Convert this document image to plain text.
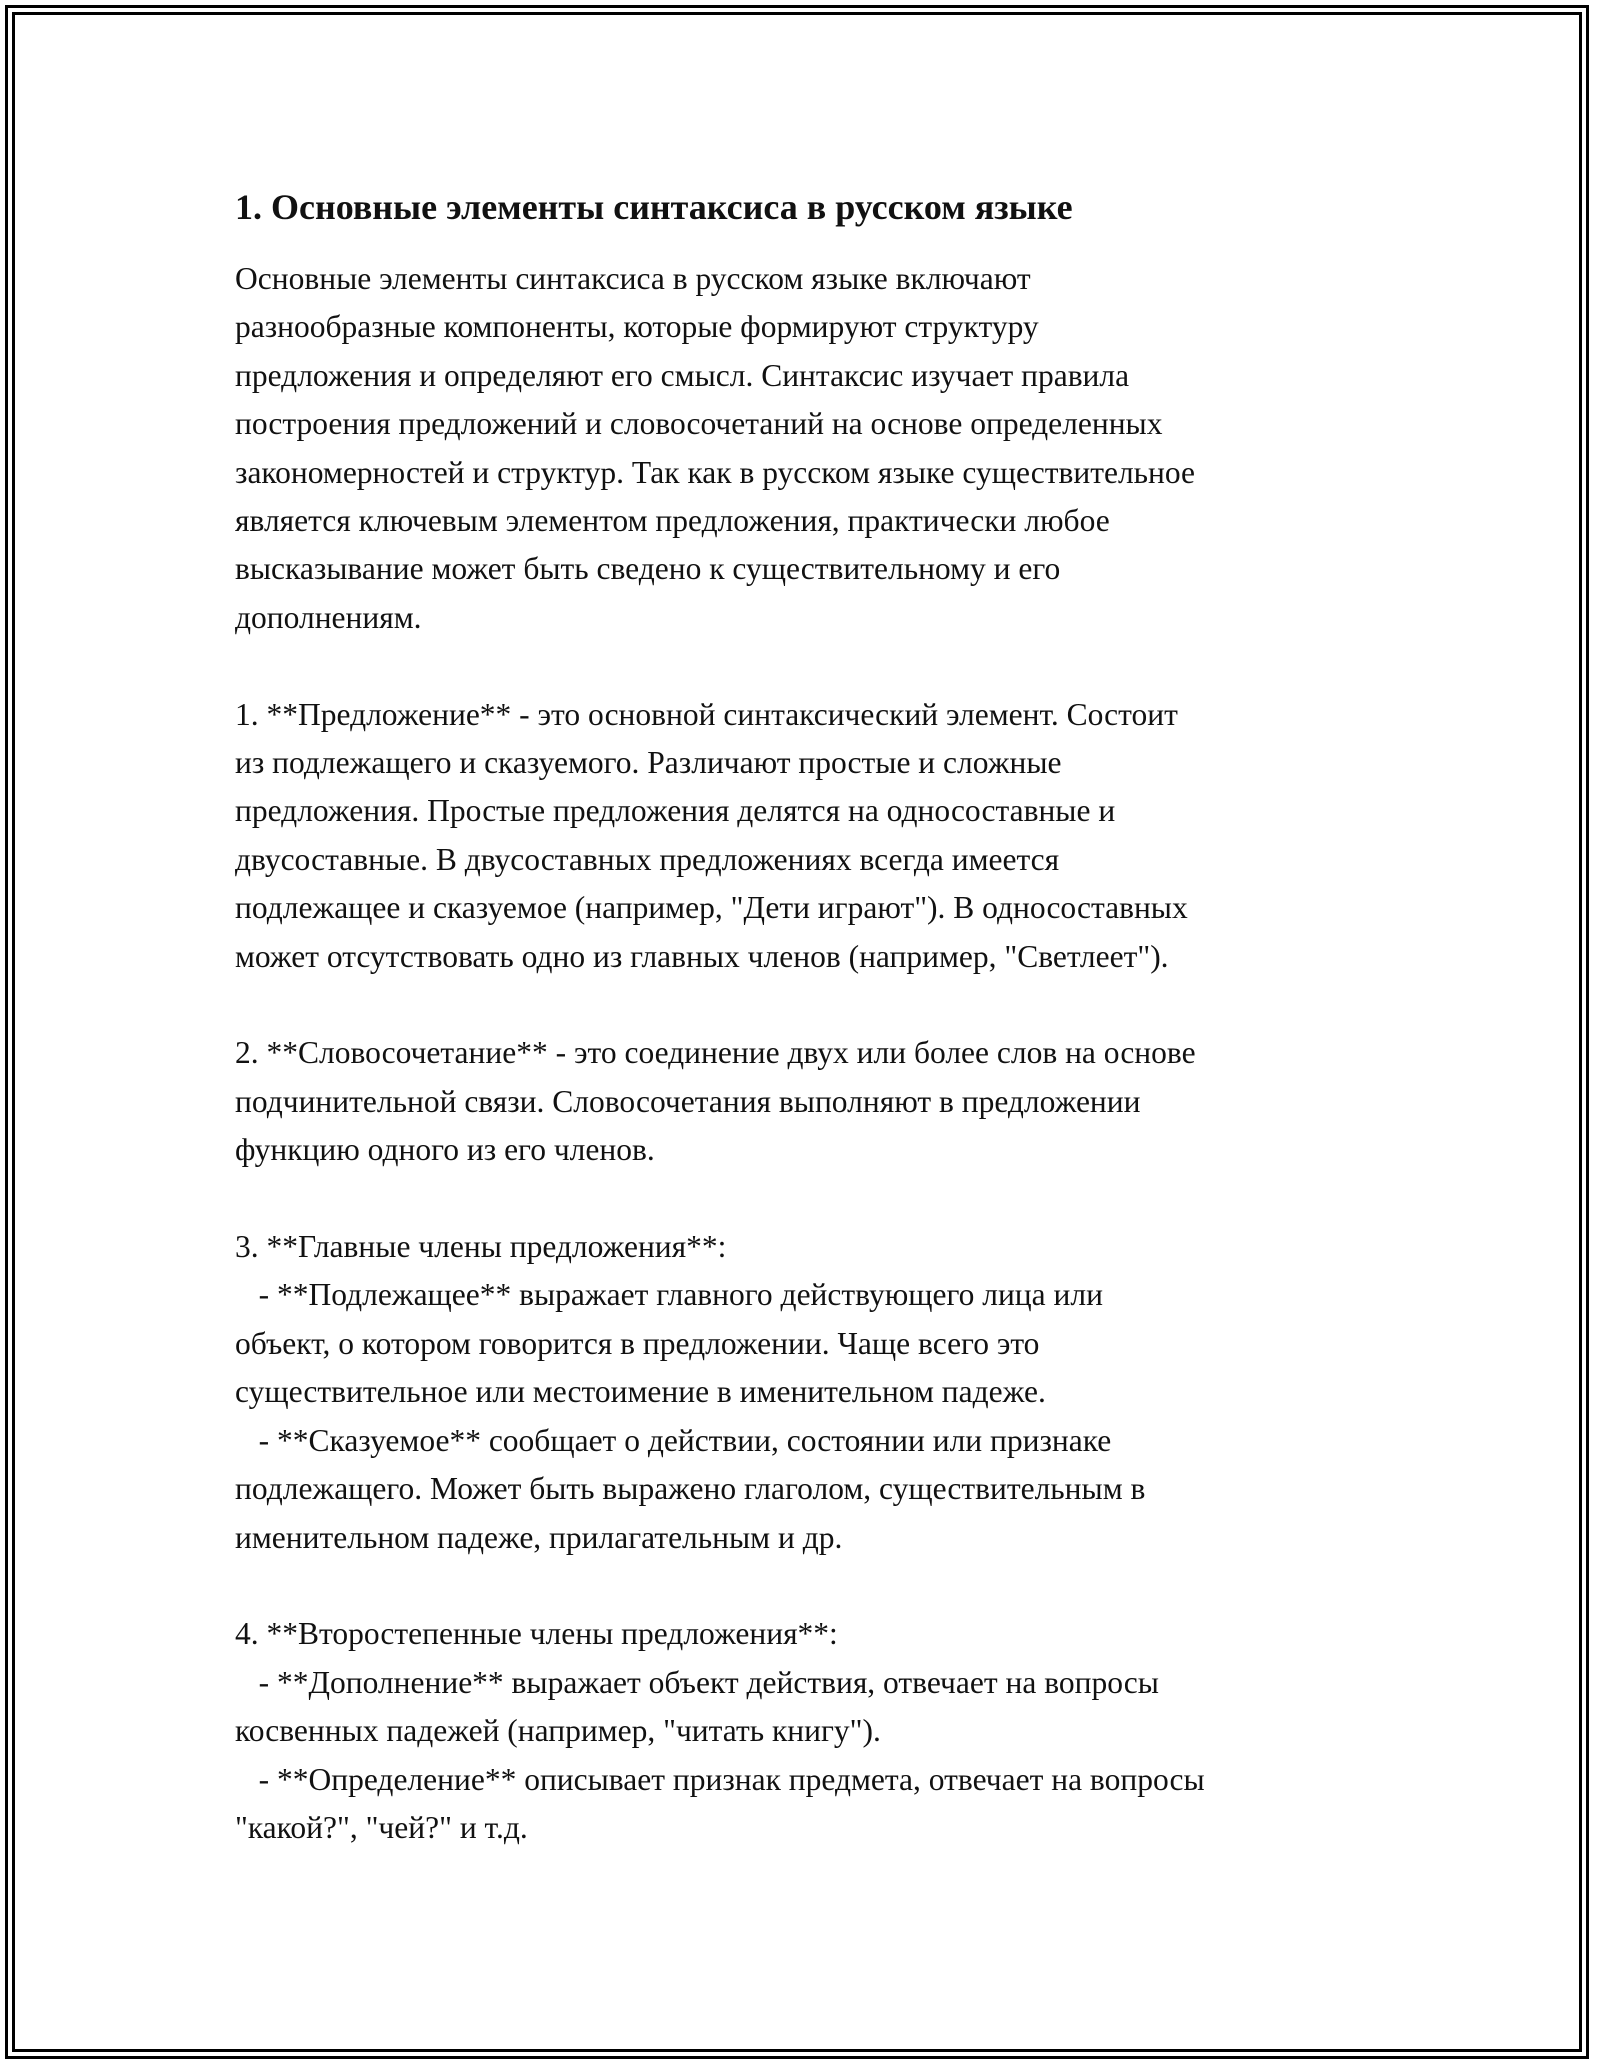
1. Основные элементы синтаксиса в русском языке

Основные элементы синтаксиса в русском языке включают

разнообразные компоненты, которые формируют структуру

предложения и определяют его смысл. Синтаксис изучает правила

построения предложений и словосочетаний на основе определенных

закономерностей и структур. Так как в русском языке существительное

является ключевым элементом предложения, практически любое

высказывание может быть сведено к существительному и его

дополнениям.

1. **Предложение** - это основной синтаксический элемент. Состоит

из подлежащего и сказуемого. Различают простые и сложные

предложения. Простые предложения делятся на односоставные и

двусоставные. В двусоставных предложениях всегда имеется

подлежащее и сказуемое (например, "Дети играют"). В односоставных

может отсутствовать одно из главных членов (например, "Светлеет").

2. **Словосочетание** - это соединение двух или более слов на основе

подчинительной связи. Словосочетания выполняют в предложении

функцию одного из его членов.

3. **Главные члены предложения**:

- **Подлежащее** выражает главного действующего лица или

объект, о котором говорится в предложении. Чаще всего это

существительное или местоимение в именительном падеже.

- **Сказуемое** сообщает о действии, состоянии или признаке

подлежащего. Может быть выражено глаголом, существительным в

именительном падеже, прилагательным и др.

4. **Второстепенные члены предложения**:

- **Дополнение** выражает объект действия, отвечает на вопросы

косвенных падежей (например, "читать книгу").

- **Определение** описывает признак предмета, отвечает на вопросы

"какой?", "чей?" и т.д.
